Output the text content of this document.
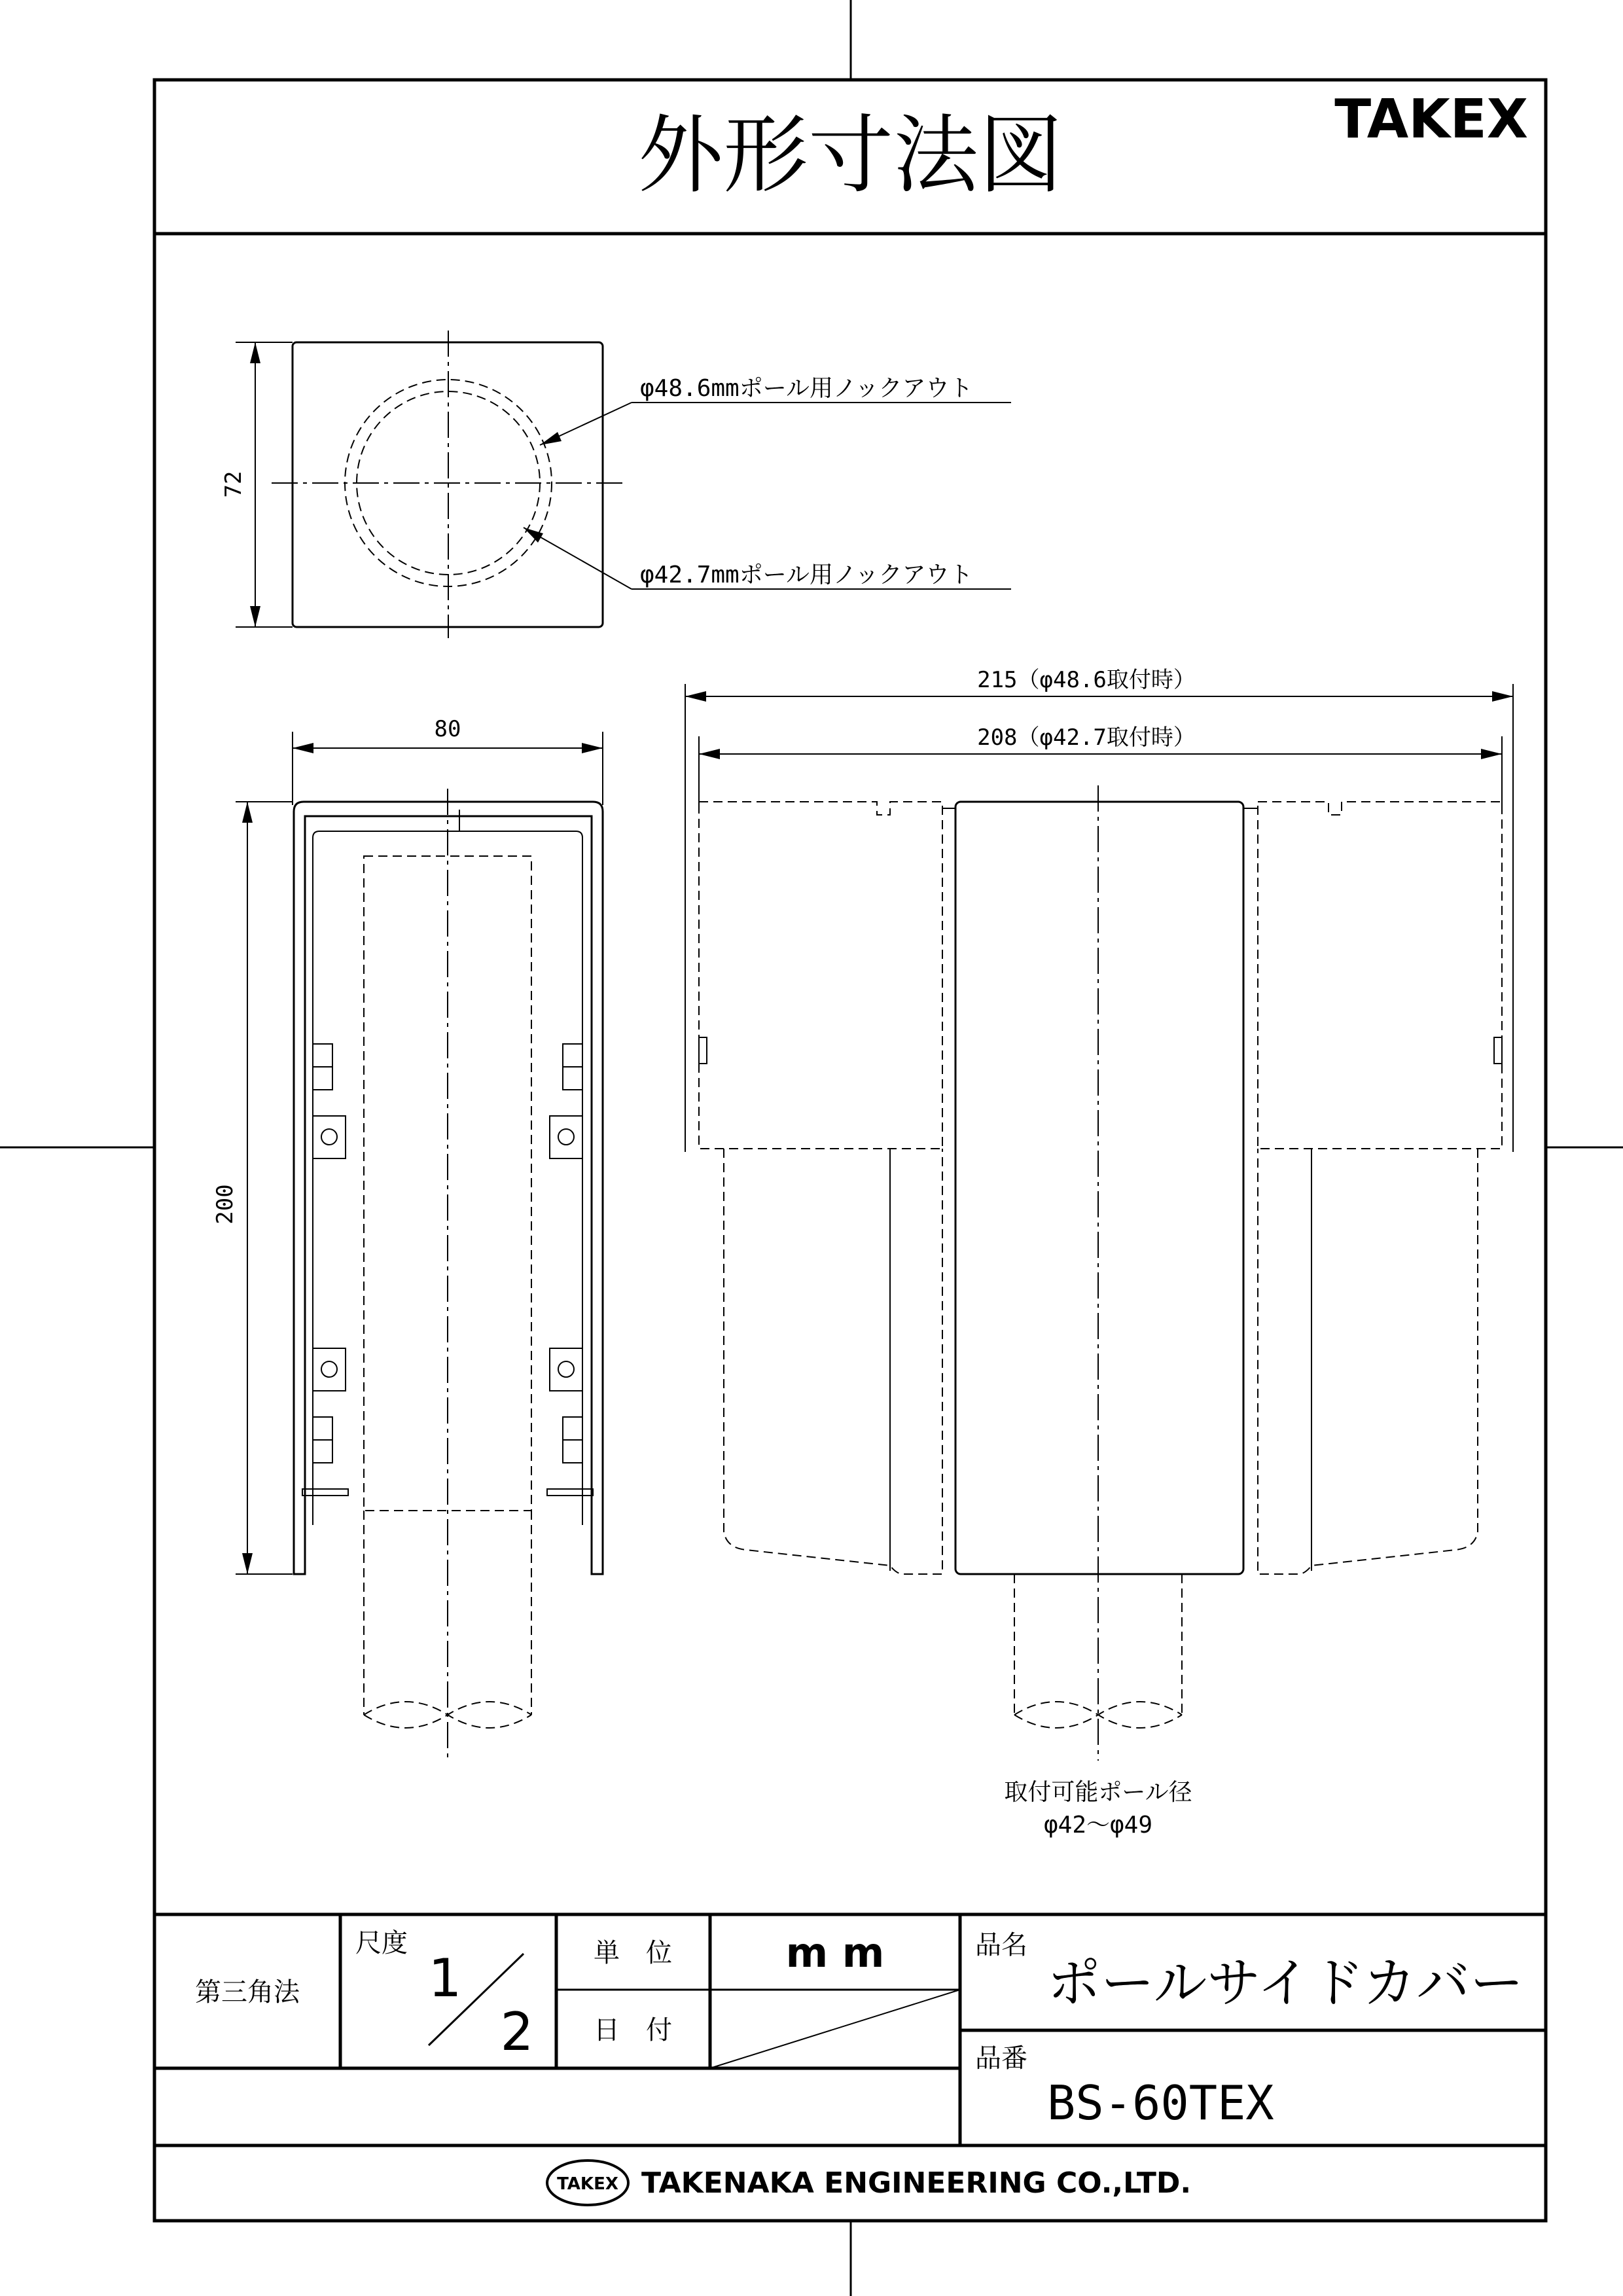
外形寸法図	TAKEX
72
φ48.6mmポール用ノックアウト
φ42.7mmポール用ノックアウト
80
200
215（φ48.6取付時）
208（φ42.7取付時）
取付可能ポール径
φ42～φ49
第三角法
尺度
1
2
単　位	m m
日　付
品名
ポールサイドカバー
品番
BS-60TEX
TAKEX TAKENAKA ENGINEERING CO.,LTD.
